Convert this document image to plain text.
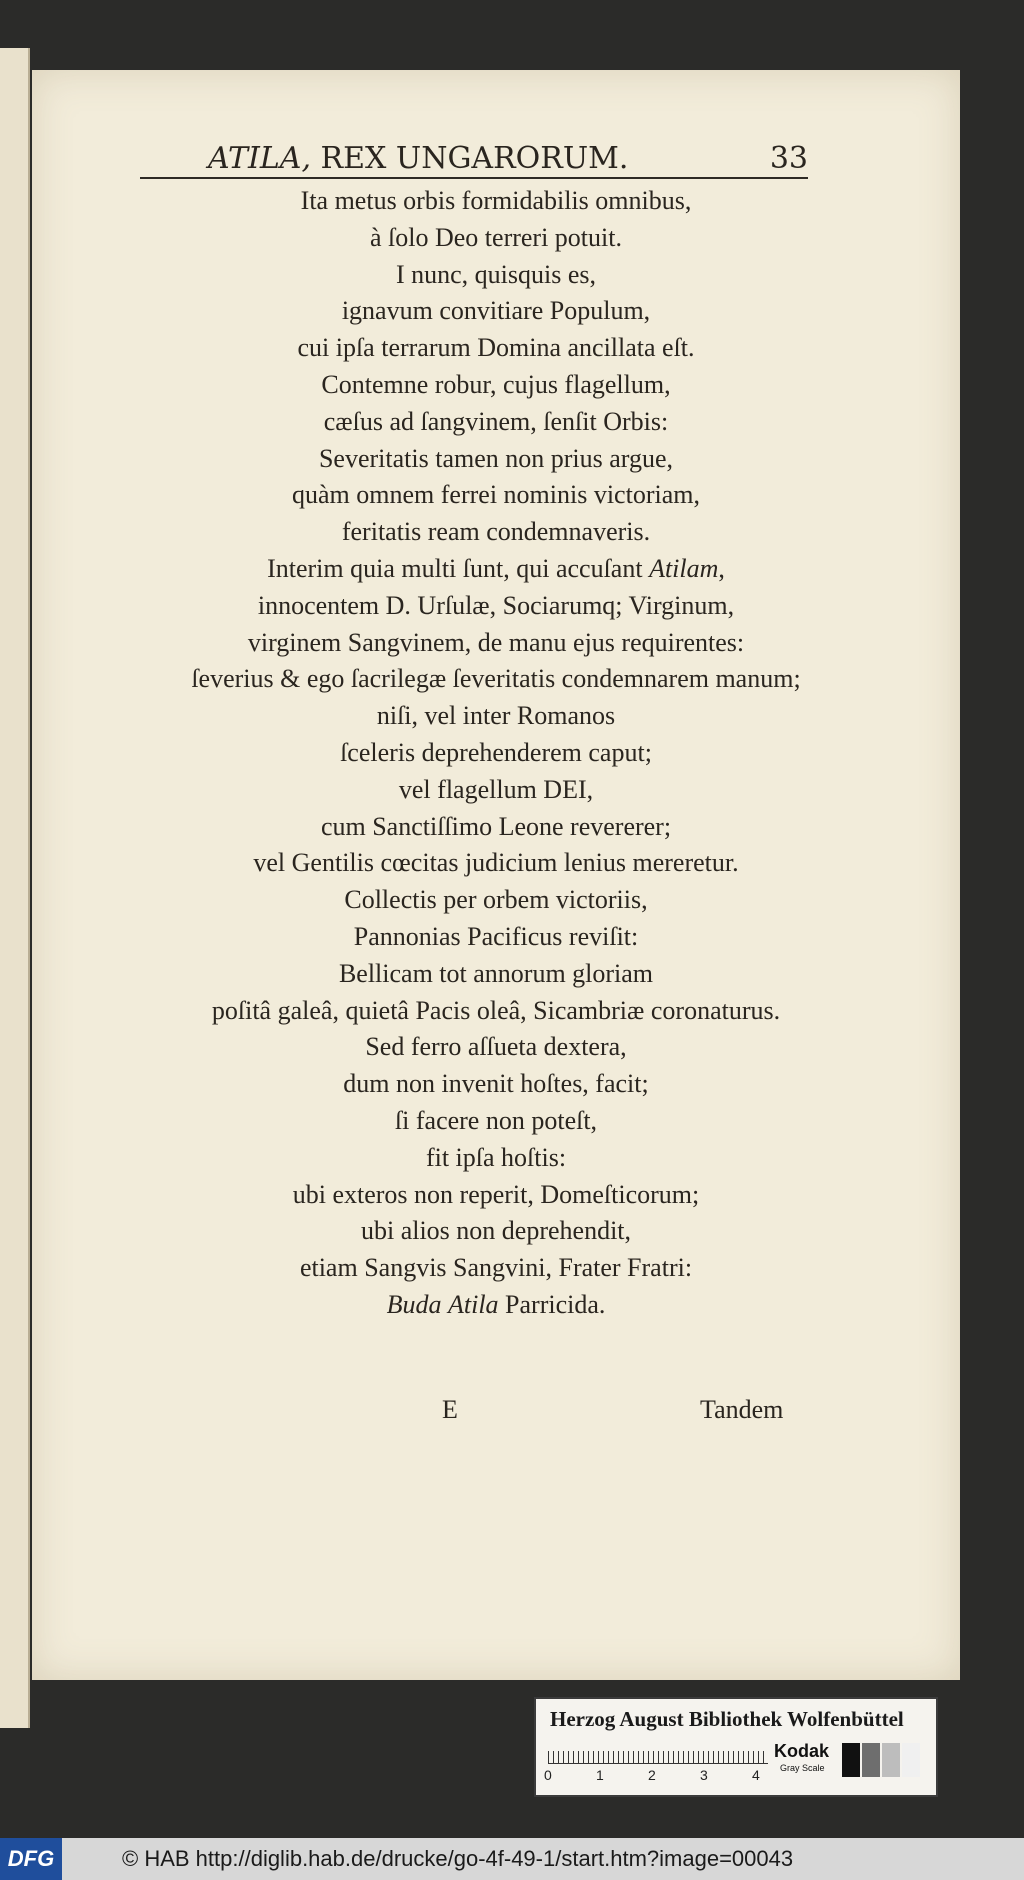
ATILA, REX UNGARORUM.	33
Ita metus orbis formidabilis omnibus,
à ſolo Deo terreri potuit.
I nunc, quisquis es,
ignavum convitiare Populum,
cui ipſa terrarum Domina ancillata eſt.
Contemne robur, cujus flagellum,
cæſus ad ſangvinem, ſenſit Orbis:
Severitatis tamen non prius argue,
quàm omnem ferrei nominis victoriam,
feritatis ream condemnaveris.
Interim quia multi ſunt, qui accuſant Atilam,
innocentem D. Urſulæ, Sociarumq; Virginum,
virginem Sangvinem, de manu ejus requirentes:
ſeverius & ego ſacrilegæ ſeveritatis condemnarem manum;
niſi, vel inter Romanos
ſceleris deprehenderem caput;
vel flagellum DEI,
cum Sanctiſſimo Leone revererer;
vel Gentilis cœcitas judicium lenius mereretur.
Collectis per orbem victoriis,
Pannonias Pacificus reviſit:
Bellicam tot annorum gloriam
poſitâ galeâ, quietâ Pacis oleâ, Sicambriæ coronaturus.
Sed ferro aſſueta dextera,
dum non invenit hoſtes, facit;
ſi facere non poteſt,
fit ipſa hoſtis:
ubi exteros non reperit, Domeſticorum;
ubi alios non deprehendit,
etiam Sangvis Sangvini, Frater Fratri:
Buda Atila Parricida.
E	Tandem
Herzog August Bibliothek Wolfenbüttel
0	1	2	3	4
Kodak
Gray Scale
DFG	© HAB http://diglib.hab.de/drucke/go-4f-49-1/start.htm?image=00043
